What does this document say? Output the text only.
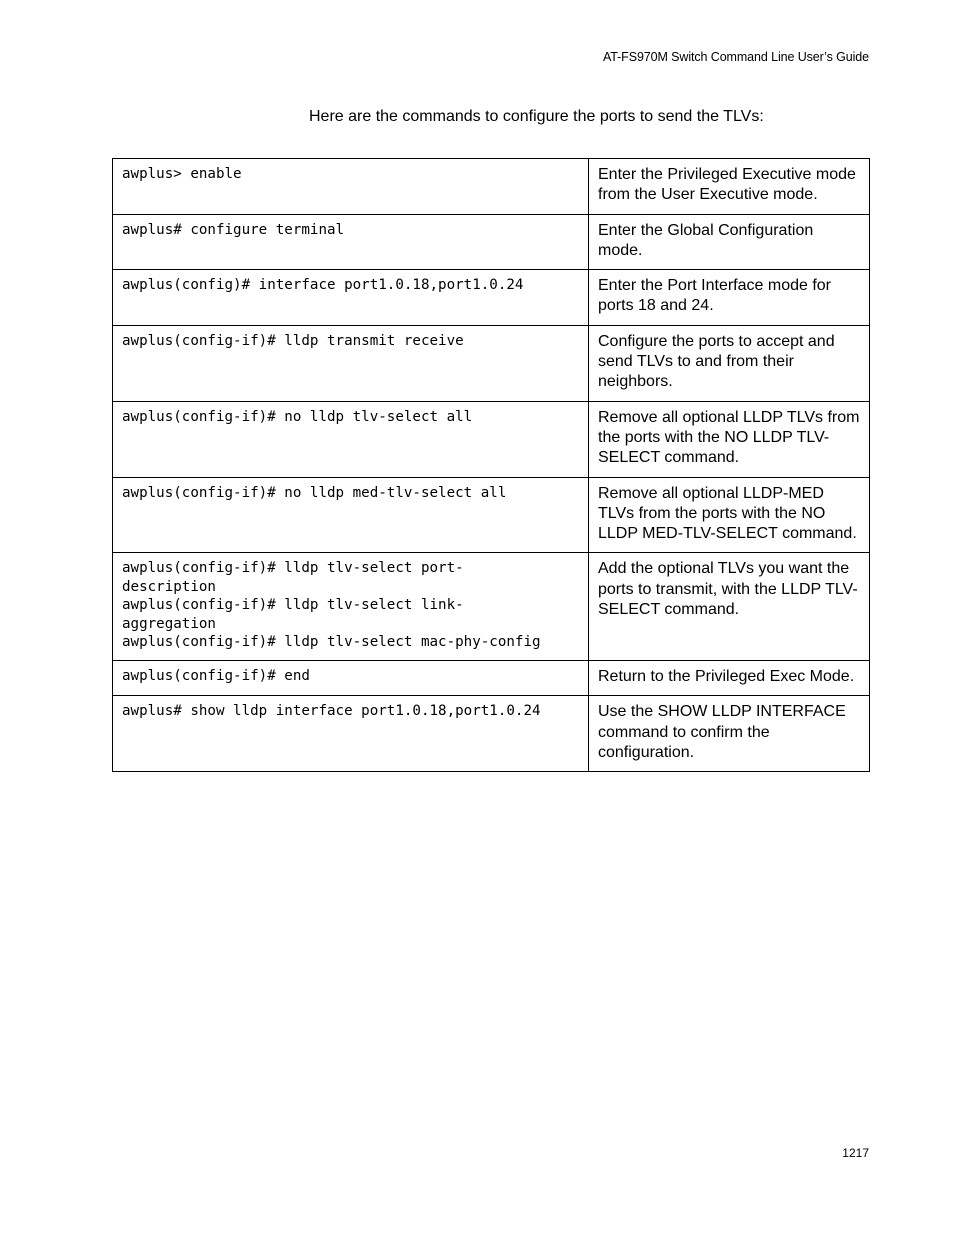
AT-FS970M Switch Command Line User’s Guide
Here are the commands to configure the ports to send the TLVs:
awplus> enable	Enter the Privileged Executive mode from the User Executive mode.

awplus# configure terminal	Enter the Global Configuration mode.

awplus(config)# interface port1.0.18,port1.0.24	Enter the Port Interface mode for ports 18 and 24.

awplus(config-if)# lldp transmit receive	Configure the ports to accept and send TLVs to and from their neighbors.

awplus(config-if)# no lldp tlv-select all	Remove all optional LLDP TLVs from the ports with the NO LLDP TLV-SELECT command.

awplus(config-if)# no lldp med-tlv-select all	Remove all optional LLDP-MED TLVs from the ports with the NO LLDP MED-TLV-SELECT command.

awplus(config-if)# lldp tlv-select port-
description
awplus(config-if)# lldp tlv-select link-
aggregation
awplus(config-if)# lldp tlv-select mac-phy-config	Add the optional TLVs you want the ports to transmit, with the LLDP TLV-SELECT command.

awplus(config-if)# end	Return to the Privileged Exec Mode.

awplus# show lldp interface port1.0.18,port1.0.24	Use the SHOW LLDP INTERFACE command to confirm the configuration.
1217
